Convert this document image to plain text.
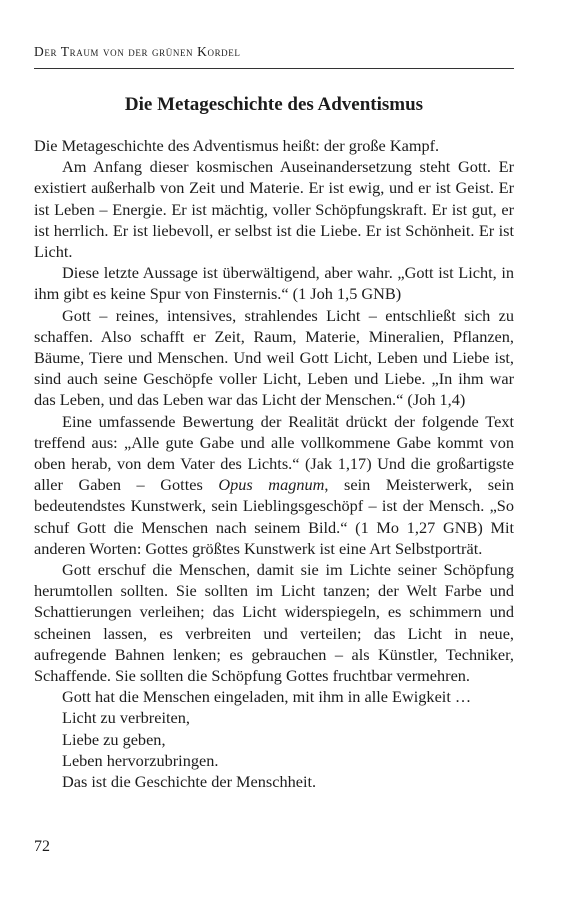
Der Traum von der grünen Kordel
Die Metageschichte des Adventismus

Die Metageschichte des Adventismus heißt: der große Kampf.

Am Anfang dieser kosmischen Auseinandersetzung steht Gott. Er existiert außerhalb von Zeit und Materie. Er ist ewig, und er ist Geist. Er ist Leben – Energie. Er ist mächtig, voller Schöpfungskraft. Er ist gut, er ist herrlich. Er ist liebevoll, er selbst ist die Liebe. Er ist Schönheit. Er ist Licht.

Diese letzte Aussage ist überwältigend, aber wahr. „Gott ist Licht, in ihm gibt es keine Spur von Finsternis.“ (1 Joh 1,5 GNB)

Gott – reines, intensives, strahlendes Licht – entschließt sich zu schaffen. Also schafft er Zeit, Raum, Materie, Mineralien, Pflanzen, Bäume, Tiere und Menschen. Und weil Gott Licht, Leben und Liebe ist, sind auch seine Geschöpfe voller Licht, Leben und Liebe. „In ihm war das Leben, und das Leben war das Licht der Menschen.“ (Joh 1,4)

Eine umfassende Bewertung der Realität drückt der folgende Text treffend aus: „Alle gute Gabe und alle vollkommene Gabe kommt von oben herab, von dem Vater des Lichts.“ (Jak 1,17) Und die großartigste aller Gaben – Gottes Opus magnum, sein Meisterwerk, sein bedeutendstes Kunstwerk, sein Lieblingsgeschöpf – ist der Mensch. „So schuf Gott die Menschen nach seinem Bild.“ (1 Mo 1,27 GNB) Mit anderen Worten: Gottes größtes Kunstwerk ist eine Art Selbstporträt.

Gott erschuf die Menschen, damit sie im Lichte seiner Schöpfung herumtollen sollten. Sie sollten im Licht tanzen; der Welt Farbe und Schattierungen verleihen; das Licht widerspiegeln, es schimmern und scheinen lassen, es verbreiten und verteilen; das Licht in neue, aufregende Bahnen lenken; es gebrauchen – als Künstler, Techniker, Schaffende. Sie sollten die Schöpfung Gottes fruchtbar vermehren.

Gott hat die Menschen eingeladen, mit ihm in alle Ewigkeit …

Licht zu verbreiten,

Liebe zu geben,

Leben hervorzubringen.

Das ist die Geschichte der Menschheit.

72
